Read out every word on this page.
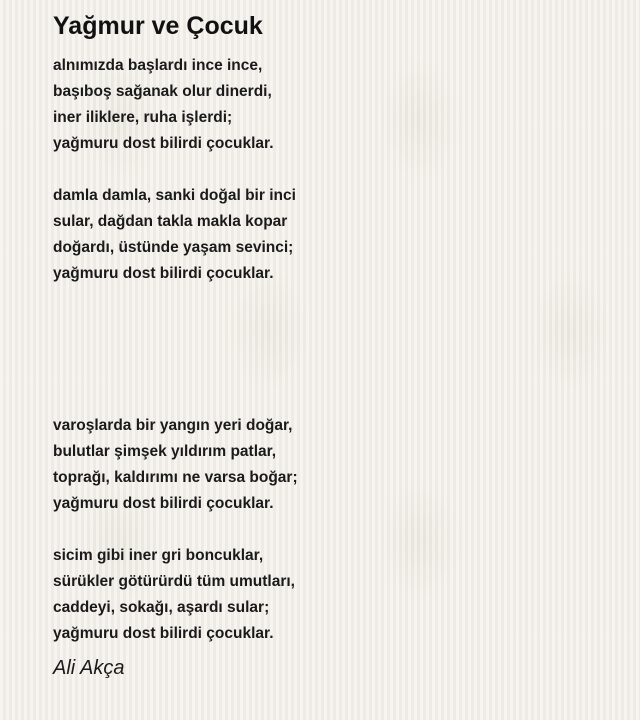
Yağmur ve Çocuk
alnımızda başlardı ince ince,
başıboş sağanak olur dinerdi,
iner iliklere, ruha işlerdi;
yağmuru dost bilirdi çocuklar.
damla damla, sanki doğal bir inci
sular, dağdan takla makla kopar
doğardı, üstünde yaşam sevinci;
yağmuru dost bilirdi çocuklar.
varoşlarda bir yangın yeri doğar,
bulutlar şimşek yıldırım patlar,
toprağı, kaldırımı ne varsa boğar;
yağmuru dost bilirdi çocuklar.
sicim gibi iner gri boncuklar,
sürükler götürürdü tüm umutları,
caddeyi, sokağı, aşardı sular;
yağmuru dost bilirdi çocuklar.
Ali Akça
